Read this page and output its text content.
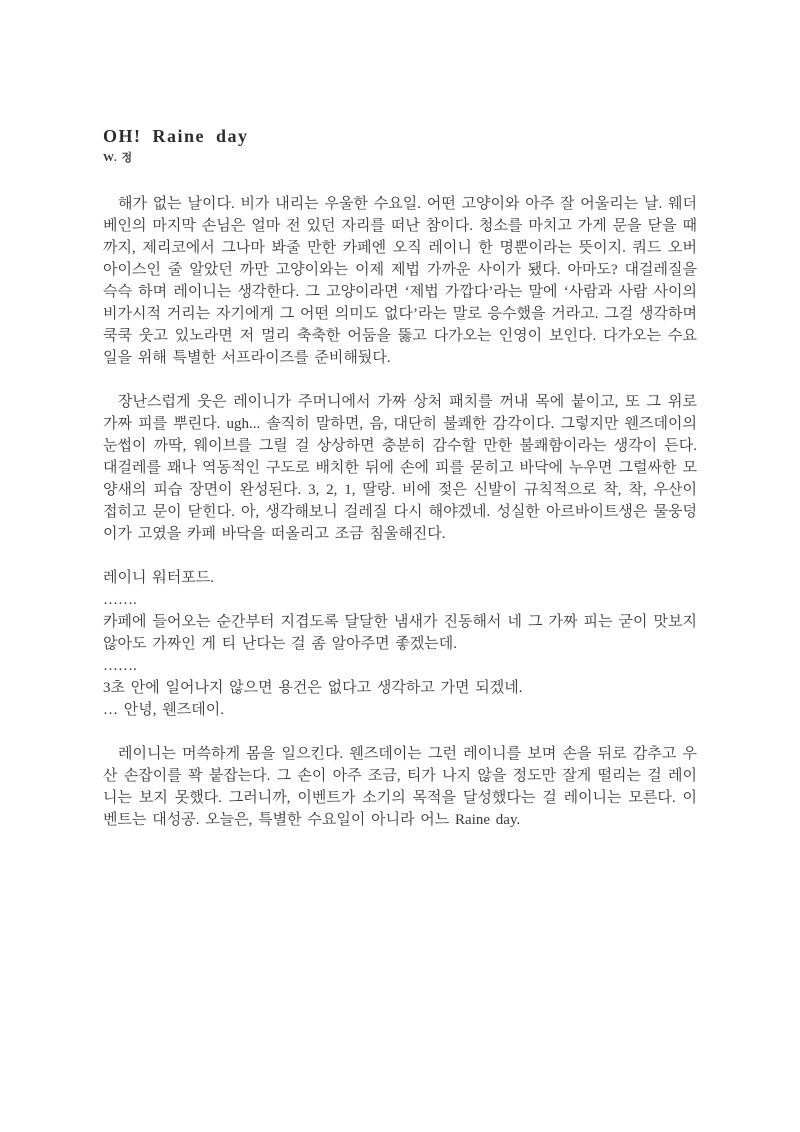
OH! Raine day
W. 정

해가 없는 날이다. 비가 내리는 우울한 수요일. 어떤 고양이와 아주 잘 어울리는 날. 웨더베인의 마지막 손님은 얼마 전 있던 자리를 떠난 참이다. 청소를 마치고 가게 문을 닫을 때까지, 제리코에서 그나마 봐줄 만한 카페엔 오직 레이니 한 명뿐이라는 뜻이지. 쿼드 오버 아이스인 줄 알았던 까만 고양이와는 이제 제법 가까운 사이가 됐다. 아마도? 대걸레질을 슥슥 하며 레이니는 생각한다. 그 고양이라면 ‘제법 가깝다’라는 말에 ‘사람과 사람 사이의 비가시적 거리는 자기에게 그 어떤 의미도 없다’라는 말로 응수했을 거라고. 그걸 생각하며 쿡쿡 웃고 있노라면 저 멀리 축축한 어둠을 뚫고 다가오는 인영이 보인다. 다가오는 수요일을 위해 특별한 서프라이즈를 준비해뒀다.

장난스럽게 웃은 레이니가 주머니에서 가짜 상처 패치를 꺼내 목에 붙이고, 또 그 위로 가짜 피를 뿌린다. ugh... 솔직히 말하면, 음, 대단히 불쾌한 감각이다. 그렇지만 웬즈데이의 눈썹이 까딱, 웨이브를 그릴 걸 상상하면 충분히 감수할 만한 불쾌함이라는 생각이 든다. 대걸레를 꽤나 역동적인 구도로 배치한 뒤에 손에 피를 묻히고 바닥에 누우면 그럴싸한 모양새의 피습 장면이 완성된다. 3, 2, 1, 딸랑. 비에 젖은 신발이 규칙적으로 착, 착, 우산이 접히고 문이 닫힌다. 아, 생각해보니 걸레질 다시 해야겠네. 성실한 아르바이트생은 물웅덩이가 고였을 카페 바닥을 떠올리고 조금 침울해진다.

레이니 워터포드.

…….

카페에 들어오는 순간부터 지겹도록 달달한 냄새가 진동해서 네 그 가짜 피는 굳이 맛보지 않아도 가짜인 게 티 난다는 걸 좀 알아주면 좋겠는데.

…….

3초 안에 일어나지 않으면 용건은 없다고 생각하고 가면 되겠네.

… 안녕, 웬즈데이.

레이니는 머쓱하게 몸을 일으킨다. 웬즈데이는 그런 레이니를 보며 손을 뒤로 감추고 우산 손잡이를 꽉 붙잡는다. 그 손이 아주 조금, 티가 나지 않을 정도만 잘게 떨리는 걸 레이니는 보지 못했다. 그러니까, 이벤트가 소기의 목적을 달성했다는 걸 레이니는 모른다. 이벤트는 대성공. 오늘은, 특별한 수요일이 아니라 어느 Raine day.
